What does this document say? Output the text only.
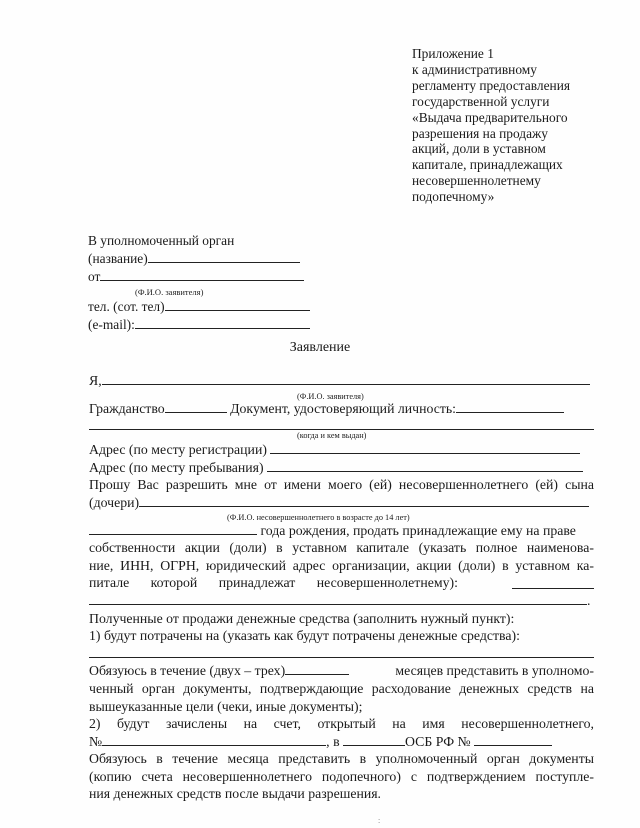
Приложение 1
к административному
регламенту предоставления
государственной услуги
«Выдача предварительного
разрешения на продажу
акций, доли в уставном
капитале, принадлежащих
несовершеннолетнему
подопечному»
В уполномоченный орган
(название)
от
(Ф.И.О. заявителя)
тел. (сот. тел)
(e-mail):
Заявление
Я,
(Ф.И.О. заявителя)
Гражданство	Документ, удостоверяющий личность:
(когда и кем выдан)
Адрес (по месту регистрации)
Адрес (по месту пребывания)
Прошу Вас разрешить мне от имени моего (ей) несовершеннолетнего (ей) сына
(дочери)
(Ф.И.О. несовершеннолетнего в возрасте до 14 лет)
года рождения, продать принадлежащие ему на праве
собственности акции (доли) в уставном капитале (указать полное наименова-
ние, ИНН, ОГРН, юридический адрес организации, акции (доли) в уставном ка-
питале которой принадлежат несовершеннолетнему):
.
Полученные от продажи денежные средства (заполнить нужный пункт):
1) будут потрачены на (указать как будут потрачены денежные средства):
Обязуюсь в течение (двух – трех)	месяцев представить в уполномо-
ченный орган документы, подтверждающие расходование денежных средств на
вышеуказанные цели (чеки, иные документы);
2) будут зачислены на счет, открытый на имя несовершеннолетнего,
№	, в	ОСБ РФ №
Обязуюсь в течение месяца представить в уполномоченный орган документы
(копию счета несовершеннолетнего подопечного) с подтверждением поступле-
ния денежных средств после выдачи разрешения.
:
